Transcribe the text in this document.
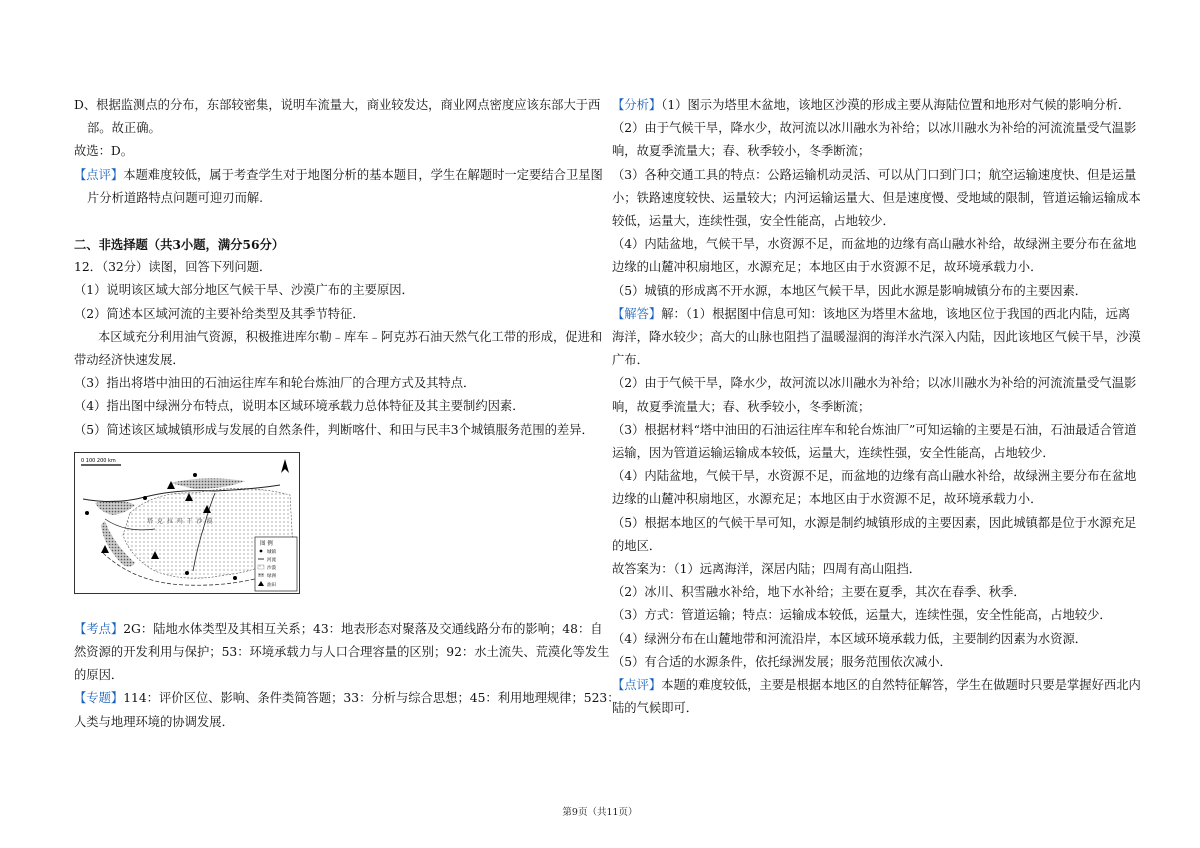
D、根据监测点的分布，东部较密集，说明车流量大，商业较发达，商业网点密度应该东部大于西

部。故正确。

故选：D。

【点评】本题难度较低，属于考查学生对于地图分析的基本题目，学生在解题时一定要结合卫星图

片分析道路特点问题可迎刃而解.

二、非选择题（共3小题，满分56分）

12．（32分）读图，回答下列问题．

（1）说明该区域大部分地区气候干旱、沙漠广布的主要原因．

（2）简述本区域河流的主要补给类型及其季节特征．

本区域充分利用油气资源，积极推进库尔勒﹣库车﹣阿克苏石油天然气化工带的形成，促进和

带动经济快速发展．

（3）指出将塔中油田的石油运往库车和轮台炼油厂的合理方式及其特点．

（4）指出图中绿洲分布特点，说明本区域环境承载力总体特征及其主要制约因素．

（5）简述该区域城镇形成与发展的自然条件，判断喀什、和田与民丰3个城镇服务范围的差异．

0 100 200 km
塔 克 拉 玛 干 沙 漠
图 例
城镇
河流
沙漠
绿洲
油田

【考点】2G：陆地水体类型及其相互关系；43：地表形态对聚落及交通线路分布的影响；48：自

然资源的开发利用与保护；53：环境承载力与人口合理容量的区别；92：水土流失、荒漠化等发生

的原因．

【专题】114：评价区位、影响、条件类简答题；33：分析与综合思想；45：利用地理规律；523：

人类与地理环境的协调发展．

【分析】（1）图示为塔里木盆地，该地区沙漠的形成主要从海陆位置和地形对气候的影响分析．

（2）由于气候干旱，降水少，故河流以冰川融水为补给；以冰川融水为补给的河流流量受气温影

响，故夏季流量大；春、秋季较小，冬季断流；

（3）各种交通工具的特点：公路运输机动灵活、可以从门口到门口；航空运输速度快、但是运量

小；铁路速度较快、运量较大；内河运输运量大、但是速度慢、受地域的限制，管道运输运输成本

较低，运量大，连续性强，安全性能高，占地较少．

（4）内陆盆地，气候干旱，水资源不足，而盆地的边缘有高山融水补给，故绿洲主要分布在盆地

边缘的山麓冲积扇地区，水源充足；本地区由于水资源不足，故环境承载力小．

（5）城镇的形成离不开水源，本地区气候干旱，因此水源是影响城镇分布的主要因素．

【解答】解：（1）根据图中信息可知：该地区为塔里木盆地，该地区位于我国的西北内陆，远离

海洋，降水较少；高大的山脉也阻挡了温暖湿润的海洋水汽深入内陆，因此该地区气候干旱，沙漠

广布．

（2）由于气候干旱，降水少，故河流以冰川融水为补给；以冰川融水为补给的河流流量受气温影

响，故夏季流量大；春、秋季较小，冬季断流；

（3）根据材料“塔中油田的石油运往库车和轮台炼油厂”可知运输的主要是石油，石油最适合管道

运输，因为管道运输运输成本较低，运量大，连续性强，安全性能高，占地较少．

（4）内陆盆地，气候干旱，水资源不足，而盆地的边缘有高山融水补给，故绿洲主要分布在盆地

边缘的山麓冲积扇地区，水源充足；本地区由于水资源不足，故环境承载力小．

（5）根据本地区的气候干旱可知，水源是制约城镇形成的主要因素，因此城镇都是位于水源充足

的地区．

故答案为：（1）远离海洋，深居内陆；四周有高山阻挡．

（2）冰川、积雪融水补给，地下水补给；主要在夏季，其次在春季、秋季．

（3）方式：管道运输；特点：运输成本较低，运量大，连续性强，安全性能高，占地较少．

（4）绿洲分布在山麓地带和河流沿岸，本区域环境承载力低，主要制约因素为水资源．

（5）有合适的水源条件，依托绿洲发展；服务范围依次减小．

【点评】本题的难度较低，主要是根据本地区的自然特征解答，学生在做题时只要是掌握好西北内

陆的气候即可．

第9页（共11页）
